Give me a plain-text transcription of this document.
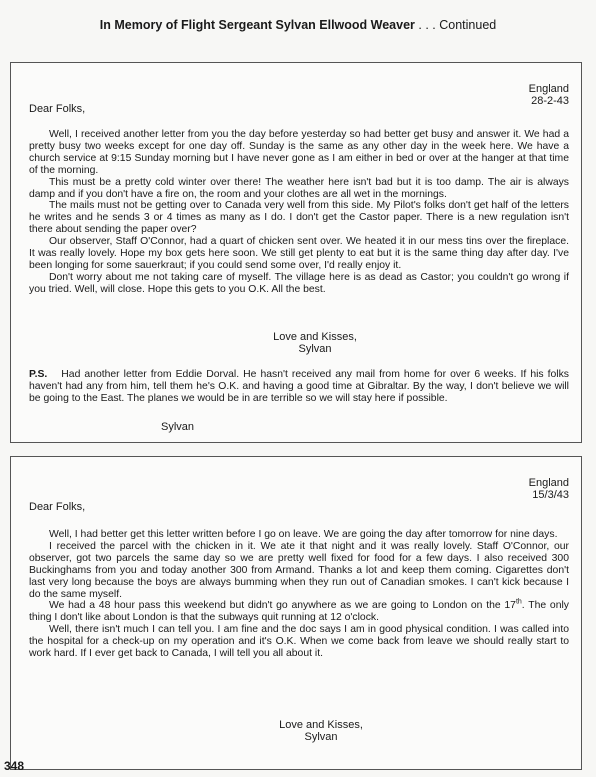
In Memory of Flight Sergeant Sylvan Ellwood Weaver . . . Continued
England
28-2-43
Dear Folks,

Well, I received another letter from you the day before yesterday so had better get busy and answer it. We had a pretty busy two weeks except for one day off. Sunday is the same as any other day in the week here. We have a church service at 9:15 Sunday morning but I have never gone as I am either in bed or over at the hanger at that time of the morning.

This must be a pretty cold winter over there! The weather here isn't bad but it is too damp. The air is always damp and if you don't have a fire on, the room and your clothes are all wet in the mornings.

The mails must not be getting over to Canada very well from this side. My Pilot's folks don't get half of the letters he writes and he sends 3 or 4 times as many as I do. I don't get the Castor paper. There is a new regulation isn't there about sending the paper over?

Our observer, Staff O'Connor, had a quart of chicken sent over. We heated it in our mess tins over the fireplace. It was really lovely. Hope my box gets here soon. We still get plenty to eat but it is the same thing day after day. I've been longing for some sauerkraut; if you could send some over, I'd really enjoy it.

Don't worry about me not taking care of myself. The village here is as dead as Castor; you couldn't go wrong if you tried. Well, will close. Hope this gets to you O.K. All the best.

Love and Kisses,
Sylvan
P.S. Had another letter from Eddie Dorval. He hasn't received any mail from home for over 6 weeks. If his folks haven't had any from him, tell them he's O.K. and having a good time at Gibraltar. By the way, I don't believe we will be going to the East. The planes we would be in are terrible so we will stay here if possible.
Sylvan
England
15/3/43
Dear Folks,

Well, I had better get this letter written before I go on leave. We are going the day after tomorrow for nine days.

I received the parcel with the chicken in it. We ate it that night and it was really lovely. Staff O'Connor, our observer, got two parcels the same day so we are pretty well fixed for food for a few days. I also received 300 Buckinghams from you and today another 300 from Armand. Thanks a lot and keep them coming. Cigarettes don't last very long because the boys are always bumming when they run out of Canadian smokes. I can't kick because I do the same myself.

We had a 48 hour pass this weekend but didn't go anywhere as we are going to London on the 17th. The only thing I don't like about London is that the subways quit running at 12 o'clock.

Well, there isn't much I can tell you. I am fine and the doc says I am in good physical condition. I was called into the hospital for a check-up on my operation and it's O.K. When we come back from leave we should really start to work hard. If I ever get back to Canada, I will tell you all about it.

Love and Kisses,
Sylvan
348
